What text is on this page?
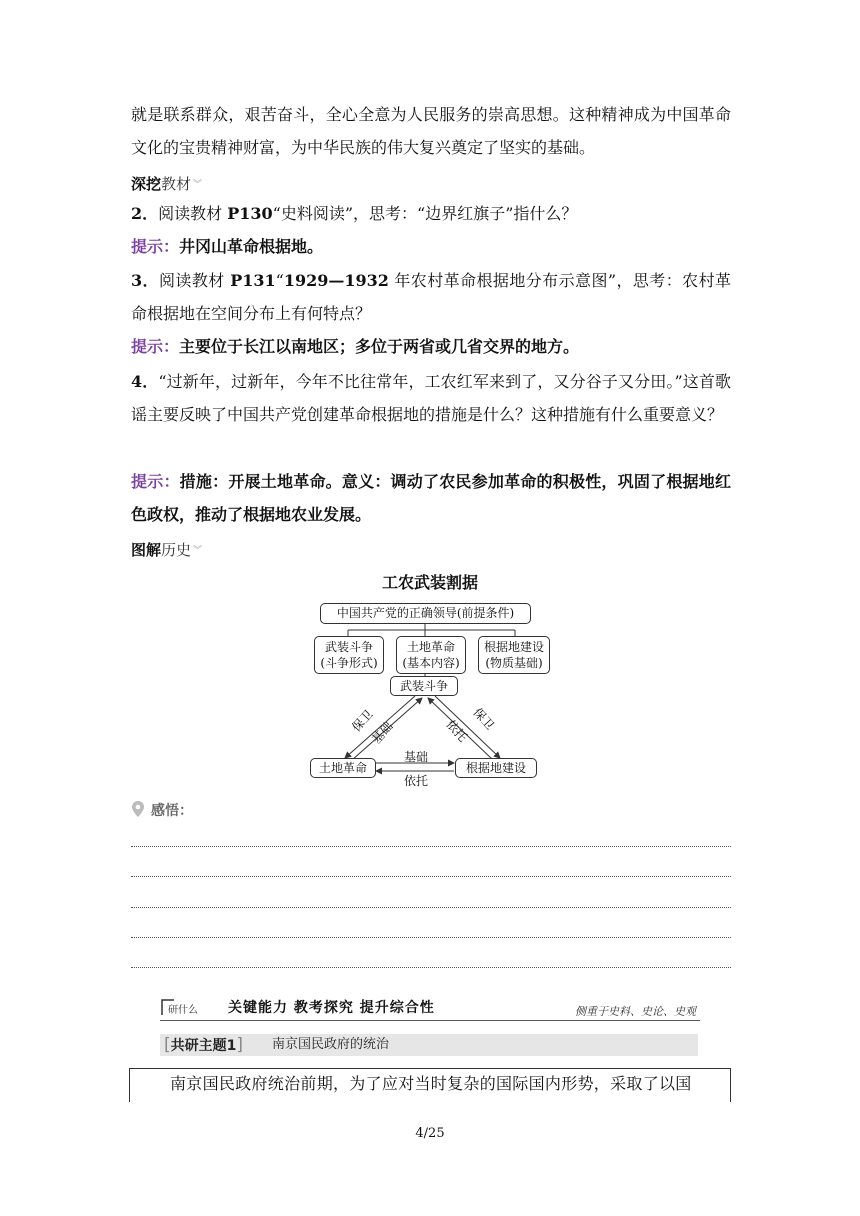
就是联系群众，艰苦奋斗，全心全意为人民服务的崇高思想。这种精神成为中国革命文化的宝贵精神财富，为中华民族的伟大复兴奠定了坚实的基础。

深挖教材 ︾

2．阅读教材 P130“史料阅读”，思考：“边界红旗子”指什么？

提示：井冈山革命根据地。

3．阅读教材 P131“1929—1932 年农村革命根据地分布示意图”，思考：农村革命根据地在空间分布上有何特点？

提示：主要位于长江以南地区；多位于两省或几省交界的地方。

4．“过新年，过新年，今年不比往常年，工农红军来到了，又分谷子又分田。”这首歌谣主要反映了中国共产党创建革命根据地的措施是什么？这种措施有什么重要意义？

提示：措施：开展土地革命。意义：调动了农民参加革命的积极性，巩固了根据地红色政权，推动了根据地农业发展。

图解历史 ︾
工农武装割据
中国共产党的正确领导(前提条件)
武装斗争
(斗争形式)
土地革命
(基本内容)
根据地建设
(物质基础)
武装斗争
土地革命	根据地建设
保卫
基础	依托 保卫
基础
依托
感悟：
研什么 关键能力 教考探究 提升综合性	侧重于史料、史论、史观
[共研主题1] 南京国民政府的统治
南京国民政府统治前期，为了应对当时复杂的国际国内形势，采取了以国
4/25
